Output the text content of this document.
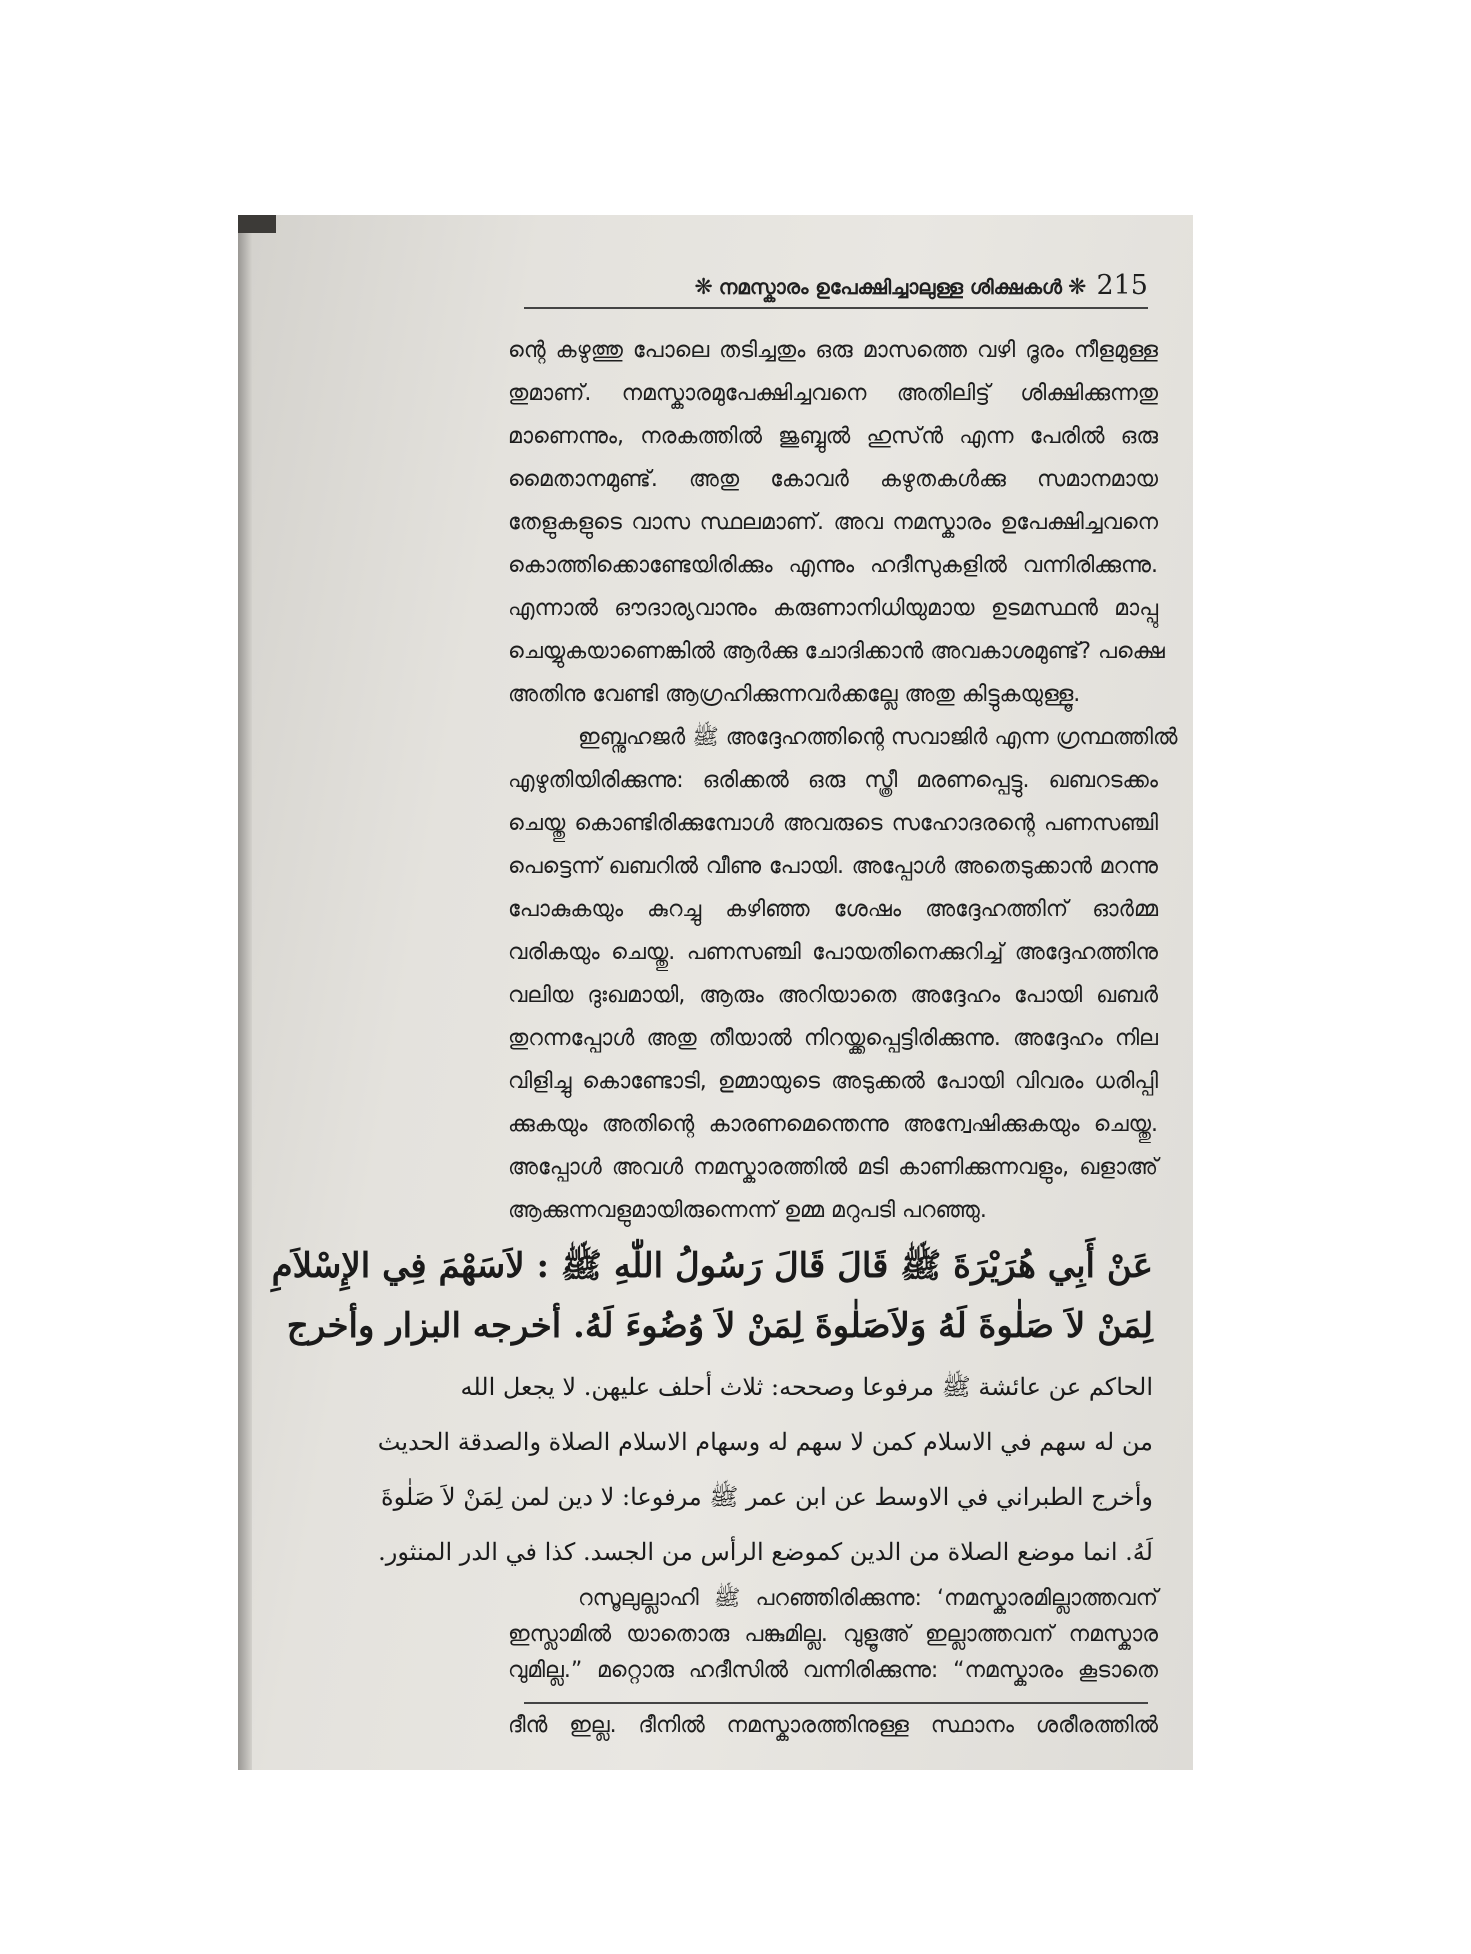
❋ നമസ്കാരം ഉപേക്ഷിച്ചാലുള്ള ശിക്ഷകൾ ❋ 215
ന്റെ കഴുത്തു പോലെ തടിച്ചതും ഒരു മാസത്തെ വഴി ദൂരം നീളമുള്ള
തുമാണ്. നമസ്കാരമുപേക്ഷിച്ചവനെ അതിലിട്ട് ശിക്ഷിക്കുന്നതു
മാണെന്നും, നരകത്തിൽ ജുബ്ബുൽ ഹുസ്ൻ എന്ന പേരിൽ ഒരു
മൈതാനമുണ്ട്. അതു കോവർ കഴുതകൾക്കു സമാനമായ
തേളുകളുടെ വാസ സ്ഥലമാണ്. അവ നമസ്കാരം ഉപേക്ഷിച്ചവനെ
കൊത്തിക്കൊണ്ടേയിരിക്കും എന്നും ഹദീസുകളിൽ വന്നിരിക്കുന്നു.
എന്നാൽ ഔദാര്യവാനും കരുണാനിധിയുമായ ഉടമസ്ഥൻ മാപ്പു
ചെയ്യുകയാണെങ്കിൽ ആർക്കു ചോദിക്കാൻ അവകാശമുണ്ട്? പക്ഷെ
അതിനു വേണ്ടി ആഗ്രഹിക്കുന്നവർക്കല്ലേ അതു കിട്ടുകയുള്ളൂ.
ഇബ്നുഹജർ ﷺ അദ്ദേഹത്തിന്റെ സവാജിർ എന്ന ഗ്രന്ഥത്തിൽ
എഴുതിയിരിക്കുന്നു: ഒരിക്കൽ ഒരു സ്ത്രീ മരണപ്പെട്ടു. ഖബറടക്കം
ചെയ്തു കൊണ്ടിരിക്കുമ്പോൾ അവരുടെ സഹോദരന്റെ പണസഞ്ചി
പെട്ടെന്ന് ഖബറിൽ വീണു പോയി. അപ്പോൾ അതെടുക്കാൻ മറന്നു
പോകുകയും കുറച്ചു കഴിഞ്ഞ ശേഷം അദ്ദേഹത്തിന് ഓർമ്മ
വരികയും ചെയ്തു. പണസഞ്ചി പോയതിനെക്കുറിച്ച് അദ്ദേഹത്തിനു
വലിയ ദുഃഖമായി, ആരും അറിയാതെ അദ്ദേഹം പോയി ഖബർ
തുറന്നപ്പോൾ അതു തീയാൽ നിറയ്ക്കപ്പെട്ടിരിക്കുന്നു. അദ്ദേഹം നില
വിളിച്ചു കൊണ്ടോടി, ഉമ്മായുടെ അടുക്കൽ പോയി വിവരം ധരിപ്പി
ക്കുകയും അതിന്റെ കാരണമെന്തെന്നു അന്വേഷിക്കുകയും ചെയ്തു.
അപ്പോൾ അവൾ നമസ്കാരത്തിൽ മടി കാണിക്കുന്നവളും, ഖളാഅ്
ആക്കുന്നവളുമായിരുന്നെന്ന് ഉമ്മ മറുപടി പറഞ്ഞു.
عَنْ أَبِي هُرَيْرَةَ ﷺ قَالَ قَالَ رَسُولُ اللّٰهِ ﷺ : لاَسَهْمَ فِي الإِسْلاَمِ
لِمَنْ لاَ صَلٰوةَ لَهُ وَلاَصَلٰوةَ لِمَنْ لاَ وُضُوءَ لَهُ. أخرجه البزار وأخرج
الحاكم عن عائشة ﷺ مرفوعا وصححه: ثلاث أحلف عليهن. لا يجعل الله
من له سهم في الاسلام كمن لا سهم له وسهام الاسلام الصلاة والصدقة الحديث
وأخرج الطبراني في الاوسط عن ابن عمر ﷺ مرفوعا: لا دين لمن لِمَنْ لاَ صَلٰوةَ
لَهُ. انما موضع الصلاة من الدين كموضع الرأس من الجسد. كذا في الدر المنثور.
റസൂലുല്ലാഹി ﷺ പറഞ്ഞിരിക്കുന്നു: ‘നമസ്കാരമില്ലാത്തവന്
ഇസ്ലാമിൽ യാതൊരു പങ്കുമില്ല. വുളൂഅ് ഇല്ലാത്തവന് നമസ്കാര
വുമില്ല.” മറ്റൊരു ഹദീസിൽ വന്നിരിക്കുന്നു: “നമസ്കാരം കൂടാതെ
ദീൻ ഇല്ല. ദീനിൽ നമസ്കാരത്തിനുള്ള സ്ഥാനം ശരീരത്തിൽ
